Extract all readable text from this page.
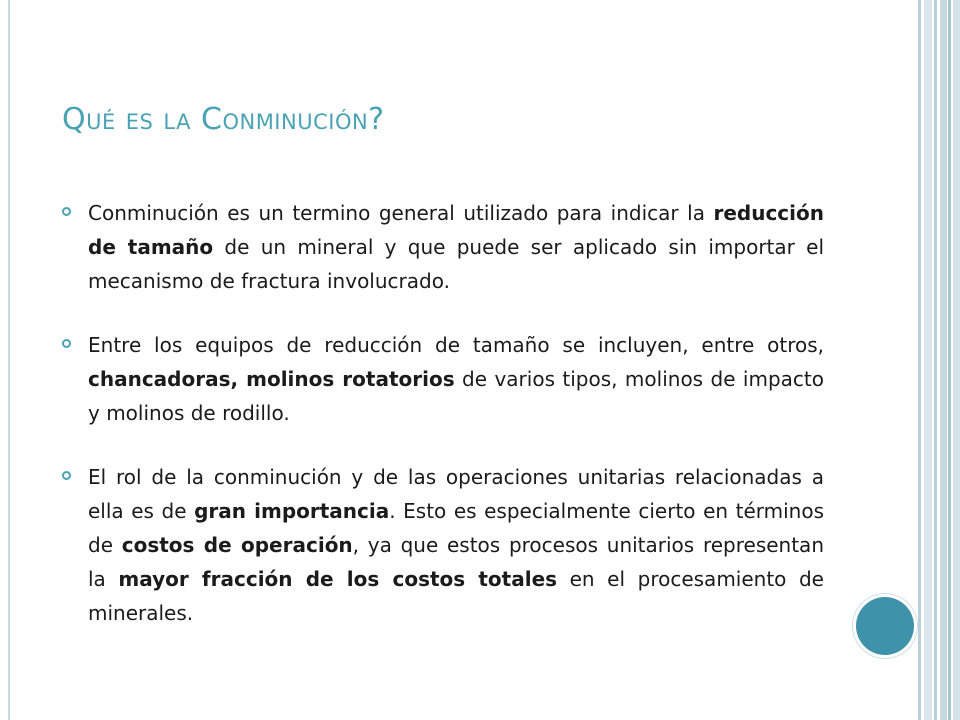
Qué es la Conminución?

Conminución es un termino general utilizado para indicar la reducción de tamaño de un mineral y que puede ser aplicado sin importar el mecanismo de fractura involucrado.

Entre los equipos de reducción de tamaño se incluyen, entre otros, chancadoras, molinos rotatorios de varios tipos, molinos de impacto y molinos de rodillo.

El rol de la conminución y de las operaciones unitarias relacionadas a ella es de gran importancia. Esto es especialmente cierto en términos de costos de operación, ya que estos procesos unitarios representan la mayor fracción de los costos totales en el procesamiento de minerales.
